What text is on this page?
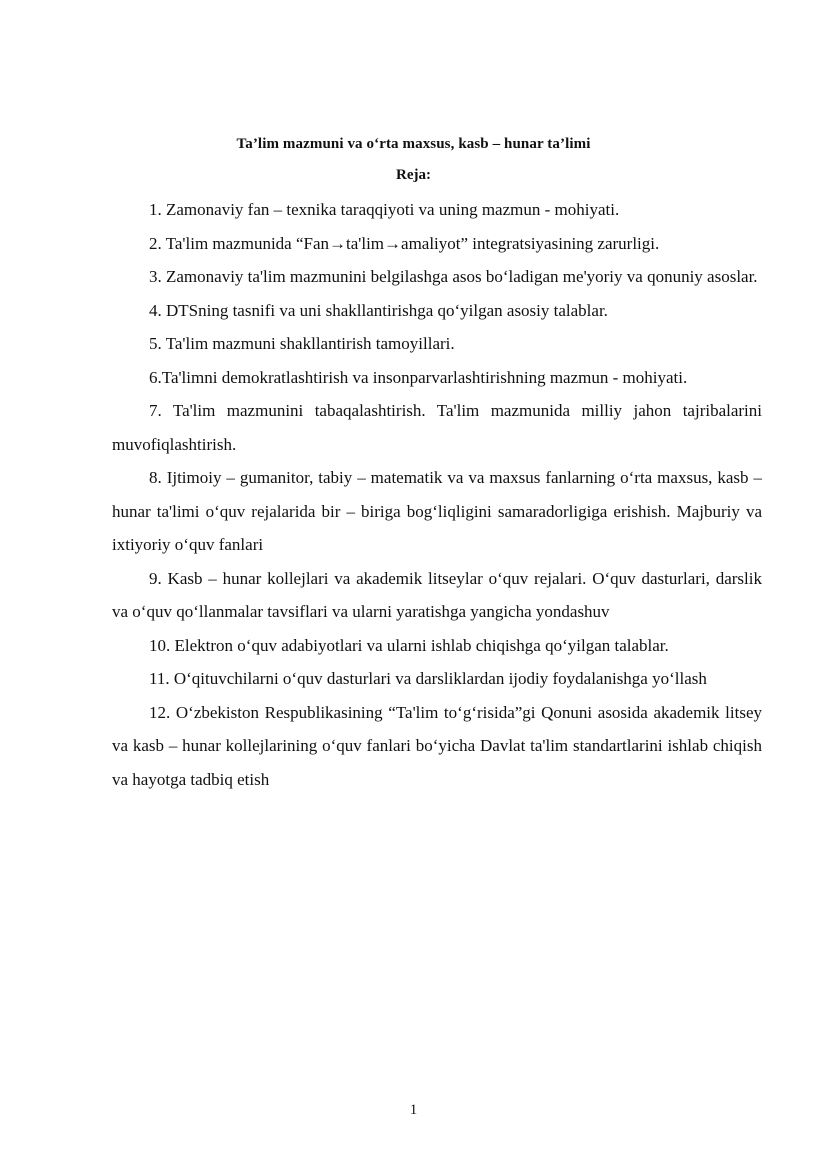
Ta’lim mazmuni va o‘rta maxsus, kasb – hunar ta’limi
Reja:
1. Zamonaviy fan – texnika taraqqiyoti va uning mazmun - mohiyati.
2. Ta'lim mazmunida “Fan→ta'lim→amaliyot” integratsiyasining zarurligi.
3. Zamonaviy ta'lim mazmunini belgilashga asos bo‘ladigan me'yoriy va qonuniy asoslar.
4. DTSning tasnifi va uni shakllantirishga qo‘yilgan asosiy talablar.
5. Ta'lim mazmuni shakllantirish tamoyillari.
6.Ta'limni demokratlashtirish va insonparvarlashtirishning mazmun - mohiyati.
7. Ta'lim mazmunini tabaqalashtirish. Ta'lim mazmunida milliy jahon tajribalarini muvofiqlashtirish.
8. Ijtimoiy – gumanitor, tabiy – matematik va va maxsus fanlarning o‘rta maxsus, kasb – hunar ta'limi o‘quv rejalarida bir – biriga bog‘liqligini samaradorligiga erishish. Majburiy va ixtiyoriy o‘quv fanlari
9. Kasb – hunar kollejlari va akademik litseylar o‘quv rejalari. O‘quv dasturlari, darslik va o‘quv qo‘llanmalar tavsiflari va ularni yaratishga yangicha yondashuv
10. Elektron o‘quv adabiyotlari va ularni ishlab chiqishga qo‘yilgan talablar.
11. O‘qituvchilarni o‘quv dasturlari va darsliklardan ijodiy foydalanishga yo‘llash
12. O‘zbekiston Respublikasining “Ta'lim to‘g‘risida”gi Qonuni asosida akademik litsey va kasb – hunar kollejlarining o‘quv fanlari bo‘yicha Davlat ta'lim standartlarini ishlab chiqish va hayotga tadbiq etish
1
